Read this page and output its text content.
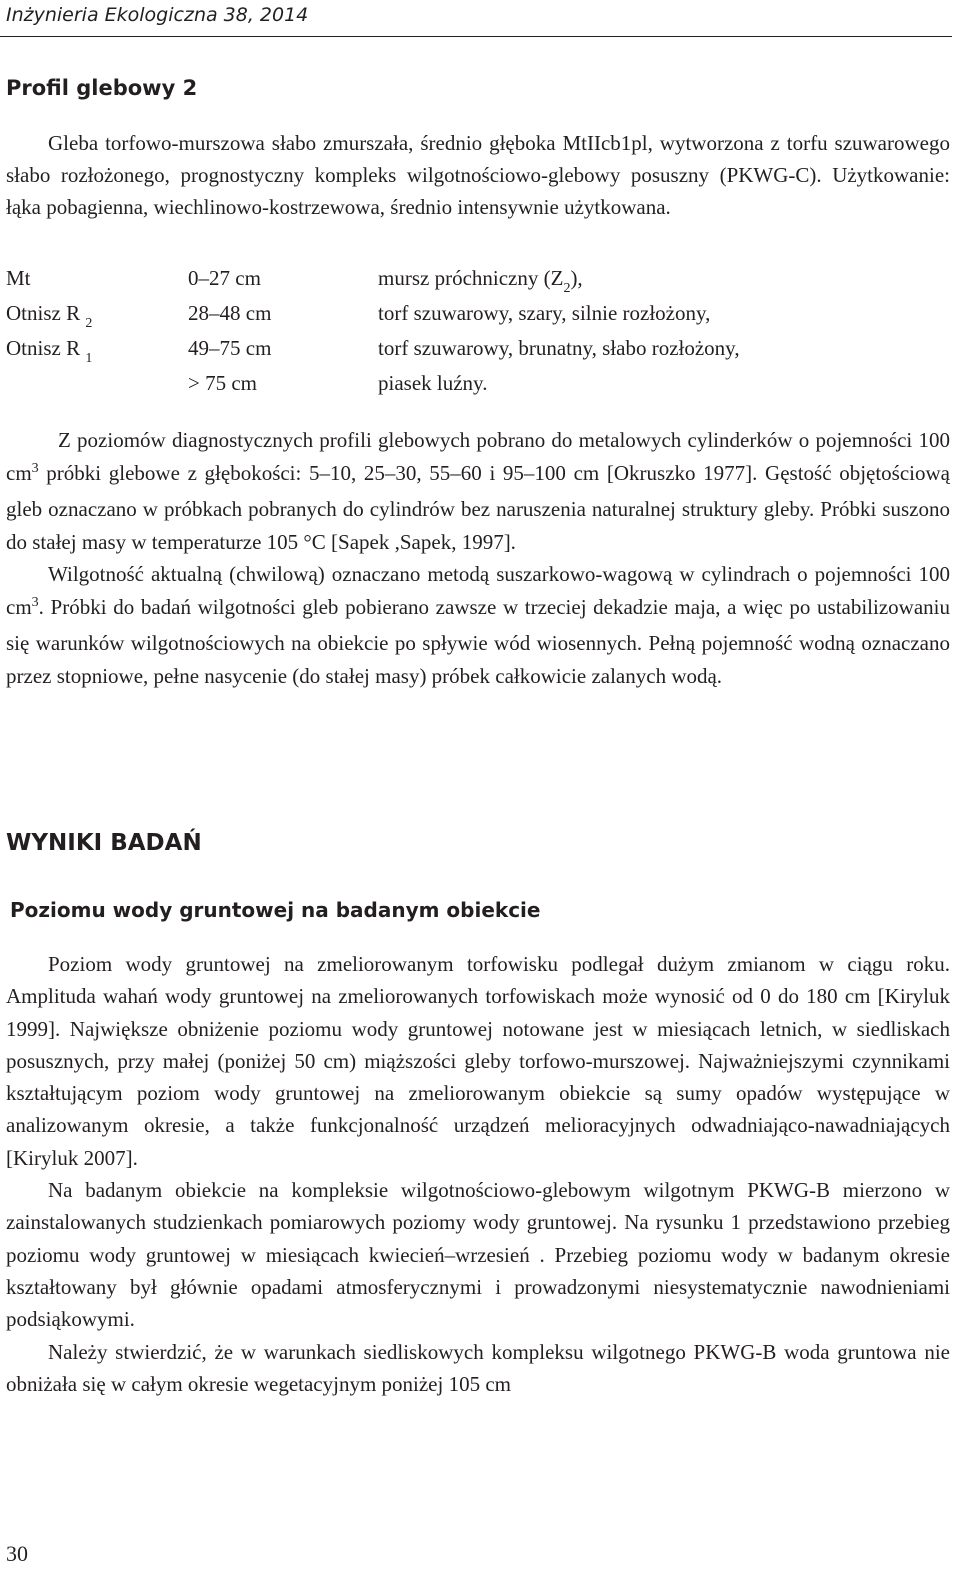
Inżynieria Ekologiczna 38, 2014
Profil glebowy 2

Gleba torfowo-murszowa słabo zmurszała, średnio głęboka MtIIcb1pl, wytworzona z torfu szuwarowego słabo rozłożonego, prognostyczny kompleks wilgotnościowo-glebowy posuszny (PKWG-C). Użytkowanie: łąka pobagienna, wiechlinowo-kostrzewowa, średnio intensywnie użytkowana.

Mt	0–27 cm	mursz próchniczny $(Z_2)$,
Otnisz R $_2$	28–48 cm	torf szuwarowy, szary, silnie rozłożony,
Otnisz R $_1$	49–75 cm	torf szuwarowy, brunatny, słabo rozłożony,
	> 75 cm	piasek luźny.

Z poziomów diagnostycznych profili glebowych pobrano do metalowych cylinderków o pojemności 100 $cm^3$ próbki glebowe z głębokości: 5–10, 25–30, 55–60 i 95–100 cm [Okruszko 1977]. Gęstość objętościową gleb oznaczano w próbkach pobranych do cylindrów bez naruszenia naturalnej struktury gleby. Próbki suszono do stałej masy w temperaturze 105 °C [Sapek ,Sapek, 1997].

Wilgotność aktualną (chwilową) oznaczano metodą suszarkowo-wagową w cylindrach o pojemności 100 $cm^3$. Próbki do badań wilgotności gleb pobierano zawsze w trzeciej dekadzie maja, a więc po ustabilizowaniu się warunków wilgotnościowych na obiekcie po spływie wód wiosennych. Pełną pojemność wodną oznaczano przez stopniowe, pełne nasycenie (do stałej masy) próbek całkowicie zalanych wodą.

WYNIKI BADAŃ
Poziomu wody gruntowej na badanym obiekcie

Poziom wody gruntowej na zmeliorowanym torfowisku podlegał dużym zmianom w ciągu roku. Amplituda wahań wody gruntowej na zmeliorowanych torfowiskach może wynosić od 0 do 180 cm [Kiryluk 1999]. Największe obniżenie poziomu wody gruntowej notowane jest w miesiącach letnich, w siedliskach posusznych, przy małej (poniżej 50 cm) miąższości gleby torfowo-murszowej. Najważniejszymi czynnikami kształtującym poziom wody gruntowej na zmeliorowanym obiekcie są sumy opadów występujące w analizowanym okresie, a także funkcjonalność urządzeń melioracyjnych odwadniająco-nawadniających [Kiryluk 2007].

Na badanym obiekcie na kompleksie wilgotnościowo-glebowym wilgotnym PKWG-B mierzono w zainstalowanych studzienkach pomiarowych poziomy wody gruntowej. Na rysunku 1 przedstawiono przebieg poziomu wody gruntowej w miesiącach kwiecień–wrzesień . Przebieg poziomu wody w badanym okresie kształtowany był głównie opadami atmosferycznymi i prowadzonymi niesystematycznie nawodnieniami podsiąkowymi.

Należy stwierdzić, że w warunkach siedliskowych kompleksu wilgotnego PKWG-B woda gruntowa nie obniżała się w całym okresie wegetacyjnym poniżej 105 cm

30
